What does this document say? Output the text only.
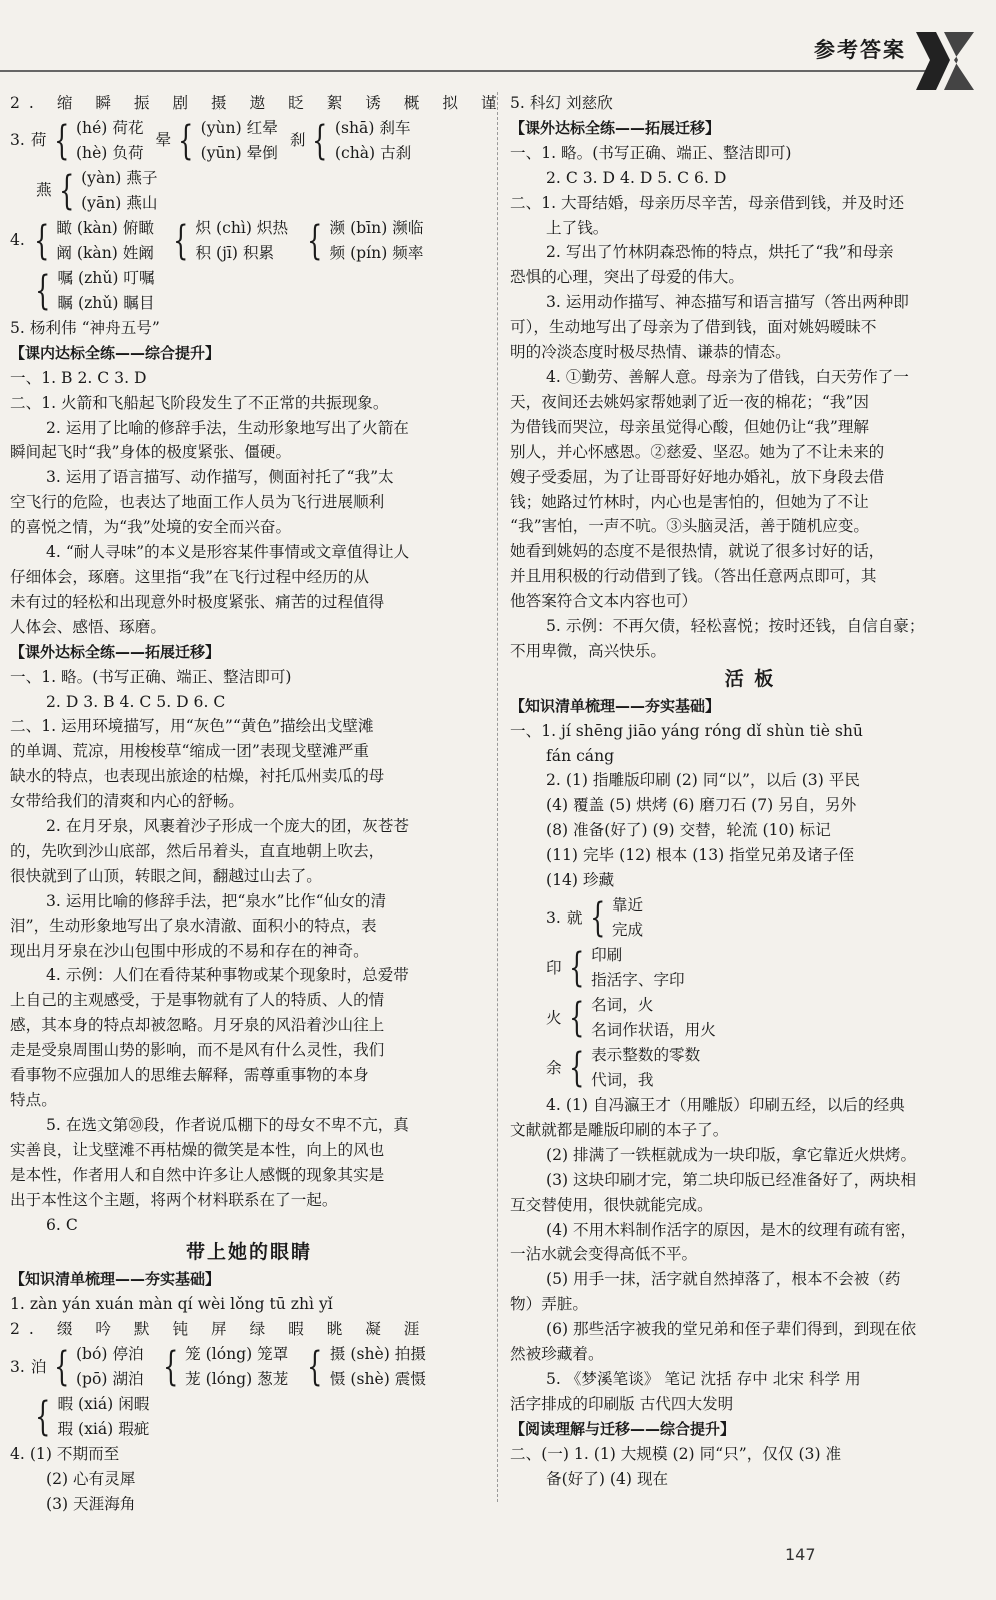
参考答案
2. 缩 瞬 振 剧 摄 遨 眨 絮 诱 概 拟 谨
3. 荷 { (hé) 荷花
(hè) 负荷
晕 { (yùn) 红晕
(yūn) 晕倒
刹 { (shā) 刹车
(chà) 古刹
燕 { (yàn) 燕子
(yān) 燕山
4. { 瞰 (kàn) 俯瞰
阚 (kàn) 姓阚 { 炽 (chì) 炽热
积 (jī) 积累 { 濒 (bīn) 濒临
频 (pín) 频率
{ 嘱 (zhǔ) 叮嘱
瞩 (zhǔ) 瞩目
5. 杨利伟 “神舟五号”
【课内达标全练——综合提升】
一、1. B 2. C 3. D
二、1. 火箭和飞船起飞阶段发生了不正常的共振现象。
2. 运用了比喻的修辞手法，生动形象地写出了火箭在
瞬间起飞时“我”身体的极度紧张、僵硬。
3. 运用了语言描写、动作描写，侧面衬托了“我”太
空飞行的危险，也表达了地面工作人员为飞行进展顺利
的喜悦之情，为“我”处境的安全而兴奋。
4. “耐人寻味”的本义是形容某件事情或文章值得让人
仔细体会，琢磨。这里指“我”在飞行过程中经历的从
未有过的轻松和出现意外时极度紧张、痛苦的过程值得
人体会、感悟、琢磨。
【课外达标全练——拓展迁移】
一、1. 略。(书写正确、端正、整洁即可)
2. D 3. B 4. C 5. D 6. C
二、1. 运用环境描写，用“灰色”“黄色”描绘出戈壁滩
的单调、荒凉，用梭梭草“缩成一团”表现戈壁滩严重
缺水的特点，也表现出旅途的枯燥，衬托瓜州卖瓜的母
女带给我们的清爽和内心的舒畅。
2. 在月牙泉，风裹着沙子形成一个庞大的团，灰苍苍
的，先吹到沙山底部，然后吊着头，直直地朝上吹去，
很快就到了山顶，转眼之间，翻越过山去了。
3. 运用比喻的修辞手法，把“泉水”比作“仙女的清
泪”，生动形象地写出了泉水清澈、面积小的特点，表
现出月牙泉在沙山包围中形成的不易和存在的神奇。
4. 示例：人们在看待某种事物或某个现象时，总爱带
上自己的主观感受，于是事物就有了人的特质、人的情
感，其本身的特点却被忽略。月牙泉的风沿着沙山往上
走是受泉周围山势的影响，而不是风有什么灵性，我们
看事物不应强加人的思维去解释，需尊重事物的本身
特点。
5. 在选文第⑳段，作者说瓜棚下的母女不卑不亢，真
实善良，让戈壁滩不再枯燥的微笑是本性，向上的风也
是本性，作者用人和自然中许多让人感慨的现象其实是
出于本性这个主题，将两个材料联系在了一起。
6. C
带上她的眼睛
【知识清单梳理——夯实基础】
1. zàn yán xuán màn qí wèi lǒng tū zhì yǐ
2. 缀 吟 默 钝 屏 绿 暇 眺 凝 涯
3. 泊 { (bó) 停泊
(pō) 湖泊 { 笼 (lóng) 笼罩
茏 (lóng) 葱茏 { 摄 (shè) 拍摄
慑 (shè) 震慑
{ 暇 (xiá) 闲暇
瑕 (xiá) 瑕疵
4. (1) 不期而至
(2) 心有灵犀
(3) 天涯海角
5. 科幻 刘慈欣
【课外达标全练——拓展迁移】
一、1. 略。(书写正确、端正、整洁即可)
2. C 3. D 4. D 5. C 6. D
二、1. 大哥结婚，母亲历尽辛苦，母亲借到钱，并及时还
上了钱。
2. 写出了竹林阴森恐怖的特点，烘托了“我”和母亲
恐惧的心理，突出了母爱的伟大。
3. 运用动作描写、神态描写和语言描写（答出两种即
可），生动地写出了母亲为了借到钱，面对姚妈暧昧不
明的冷淡态度时极尽热情、谦恭的情态。
4. ①勤劳、善解人意。母亲为了借钱，白天劳作了一
天，夜间还去姚妈家帮她剥了近一夜的棉花；“我”因
为借钱而哭泣，母亲虽觉得心酸，但她仍让“我”理解
别人，并心怀感恩。②慈爱、坚忍。她为了不让未来的
嫂子受委屈，为了让哥哥好好地办婚礼，放下身段去借
钱；她路过竹林时，内心也是害怕的，但她为了不让
“我”害怕，一声不吭。③头脑灵活，善于随机应变。
她看到姚妈的态度不是很热情，就说了很多讨好的话，
并且用积极的行动借到了钱。（答出任意两点即可，其
他答案符合文本内容也可）
5. 示例：不再欠债，轻松喜悦；按时还钱，自信自豪；
不用卑微，高兴快乐。
活 板
【知识清单梳理——夯实基础】
一、1. jí shēng jiāo yáng róng dǐ shùn tiè shū
fán cáng
2. (1) 指雕版印刷 (2) 同“以”，以后 (3) 平民
(4) 覆盖 (5) 烘烤 (6) 磨刀石 (7) 另自，另外
(8) 准备(好了) (9) 交替，轮流 (10) 标记
(11) 完毕 (12) 根本 (13) 指堂兄弟及诸子侄
(14) 珍藏
3. 就 { 靠近
完成
印 { 印刷
指活字、字印
火 { 名词，火
名词作状语，用火
余 { 表示整数的零数
代词，我
4. (1) 自冯瀛王才（用雕版）印刷五经，以后的经典
文献就都是雕版印刷的本子了。
(2) 排满了一铁框就成为一块印版，拿它靠近火烘烤。
(3) 这块印刷才完，第二块印版已经准备好了，两块相
互交替使用，很快就能完成。
(4) 不用木料制作活字的原因，是木的纹理有疏有密，
一沾水就会变得高低不平。
(5) 用手一抹，活字就自然掉落了，根本不会被（药
物）弄脏。
(6) 那些活字被我的堂兄弟和侄子辈们得到，到现在依
然被珍藏着。
5. 《梦溪笔谈》 笔记 沈括 存中 北宋 科学 用
活字排成的印刷版 古代四大发明
【阅读理解与迁移——综合提升】
二、(一) 1. (1) 大规模 (2) 同“只”，仅仅 (3) 准
备(好了) (4) 现在
147
